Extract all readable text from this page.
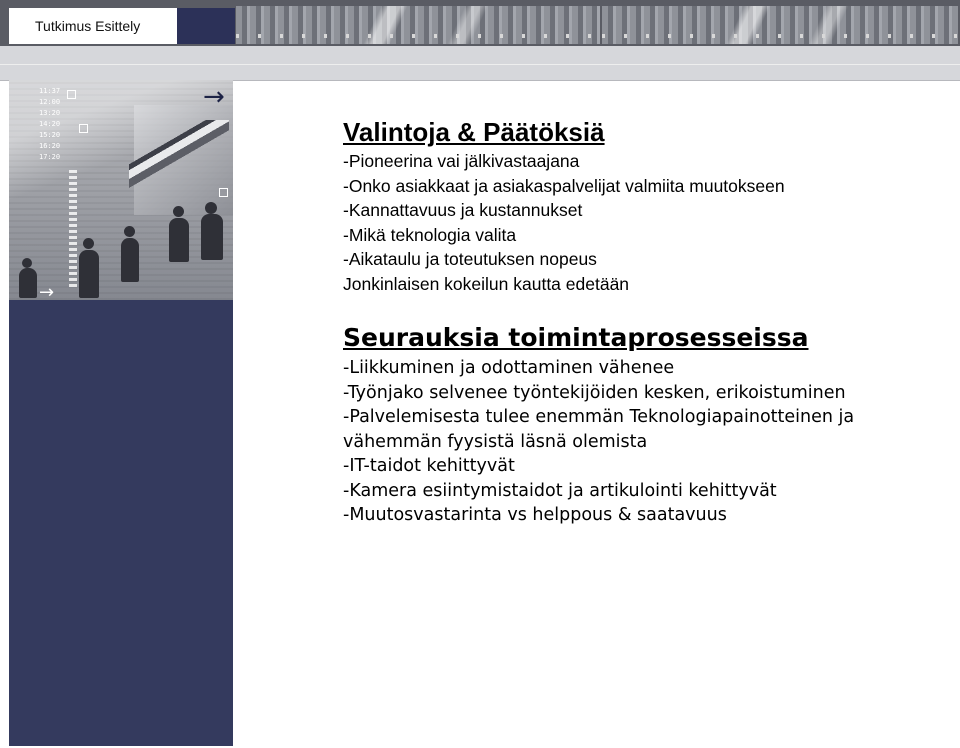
Tutkimus Esittely
11:37
12:00
13:20
14:20
15:20
16:20
17:20
→
→
Valintoja & Päätöksiä
-Pioneerina vai jälkivastaajana
-Onko asiakkaat ja asiakaspalvelijat valmiita muutokseen
-Kannattavuus ja kustannukset
-Mikä teknologia valita
-Aikataulu ja toteutuksen nopeus
Jonkinlaisen kokeilun kautta edetään
Seurauksia toimintaprosesseissa
-Liikkuminen ja odottaminen vähenee
-Työnjako selvenee työntekijöiden kesken, erikoistuminen
-Palvelemisesta tulee enemmän Teknologiapainotteinen ja
vähemmän fyysistä läsnä olemista
-IT-taidot kehittyvät
-Kamera esiintymistaidot ja artikulointi kehittyvät
-Muutosvastarinta vs helppous & saatavuus
